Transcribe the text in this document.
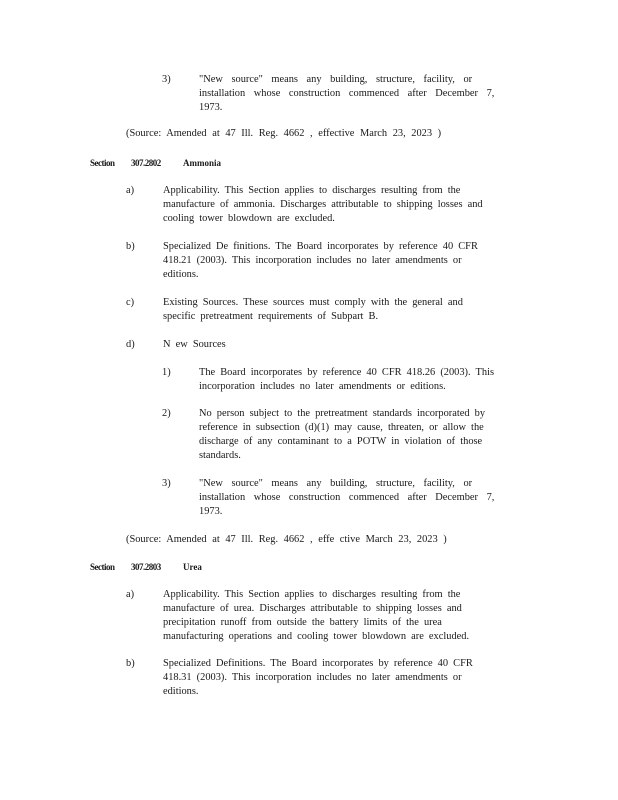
3)	"New source" means any building, structure, facility, or
installation whose construction commenced after December 7,
1973.
(Source: Amended at 47 Ill. Reg. 4662 , effective March 23, 2023 )
Section 307.2802 Ammonia
a)	Applicability. This Section applies to discharges resulting from the
manufacture of ammonia. Discharges attributable to shipping losses and
cooling tower blowdown are excluded.
b)	Specialized De finitions. The Board incorporates by reference 40 CFR
418.21 (2003). This incorporation includes no later amendments or
editions.
c)	Existing Sources. These sources must comply with the general and
specific pretreatment requirements of Subpart B.
d)	N ew Sources
1)	The Board incorporates by reference 40 CFR 418.26 (2003). This
incorporation includes no later amendments or editions.
2)	No person subject to the pretreatment standards incorporated by
reference in subsection (d)(1) may cause, threaten, or allow the
discharge of any contaminant to a POTW in violation of those
standards.
3)	"New source" means any building, structure, facility, or
installation whose construction commenced after December 7,
1973.
(Source: Amended at 47 Ill. Reg. 4662 , effe ctive March 23, 2023 )
Section 307.2803 Urea
a)	Applicability. This Section applies to discharges resulting from the
manufacture of urea. Discharges attributable to shipping losses and
precipitation runoff from outside the battery limits of the urea
manufacturing operations and cooling tower blowdown are excluded.
b)	Specialized Definitions. The Board incorporates by reference 40 CFR
418.31 (2003). This incorporation includes no later amendments or
editions.
